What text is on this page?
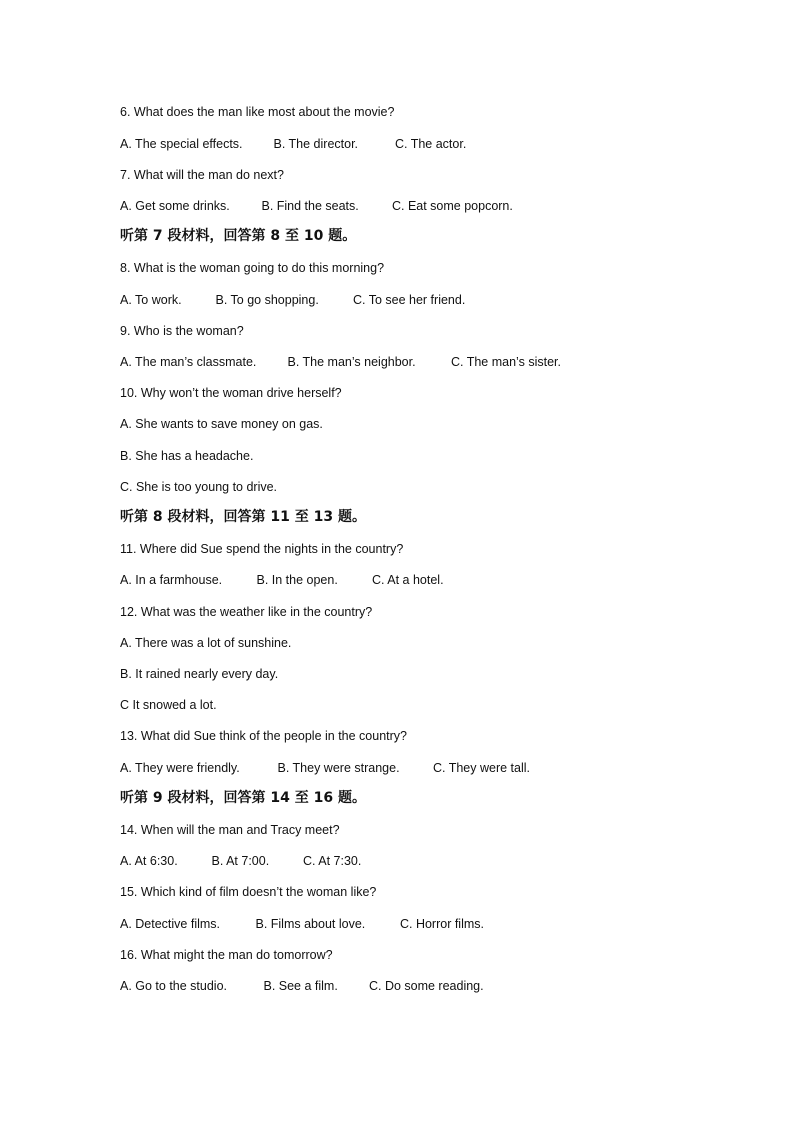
6. What does the man like most about the movie?
A. The special effects. B. The director.	C. The actor.
7. What will the man do next?
A. Get some drinks.	B. Find the seats.	C. Eat some popcorn.
听第 7 段材料，回答第 8 至 10 题。
8. What is the woman going to do this morning?
A. To work.	B. To go shopping.	C. To see her friend.
9. Who is the woman?
A. The man’s classmate. B. The man’s neighbor.	C. The man’s sister.
10. Why won’t the woman drive herself?
A. She wants to save money on gas.
B. She has a headache.
C. She is too young to drive.
听第 8 段材料，回答第 11 至 13 题。
11. Where did Sue spend the nights in the country?
A. In a farmhouse.	B. In the open.	C. At a hotel.
12. What was the weather like in the country?
A. There was a lot of sunshine.
B. It rained nearly every day.
C It snowed a lot.
13. What did Sue think of the people in the country?
A. They were friendly.	B. They were strange.	C. They were tall.
听第 9 段材料，回答第 14 至 16 题。
14. When will the man and Tracy meet?
A. At 6:30.	B. At 7:00.	C. At 7:30.
15. Which kind of film doesn’t the woman like?
A. Detective films.	B. Films about love.	C. Horror films.
16. What might the man do tomorrow?
A. Go to the studio.	B. See a film. C. Do some reading.
